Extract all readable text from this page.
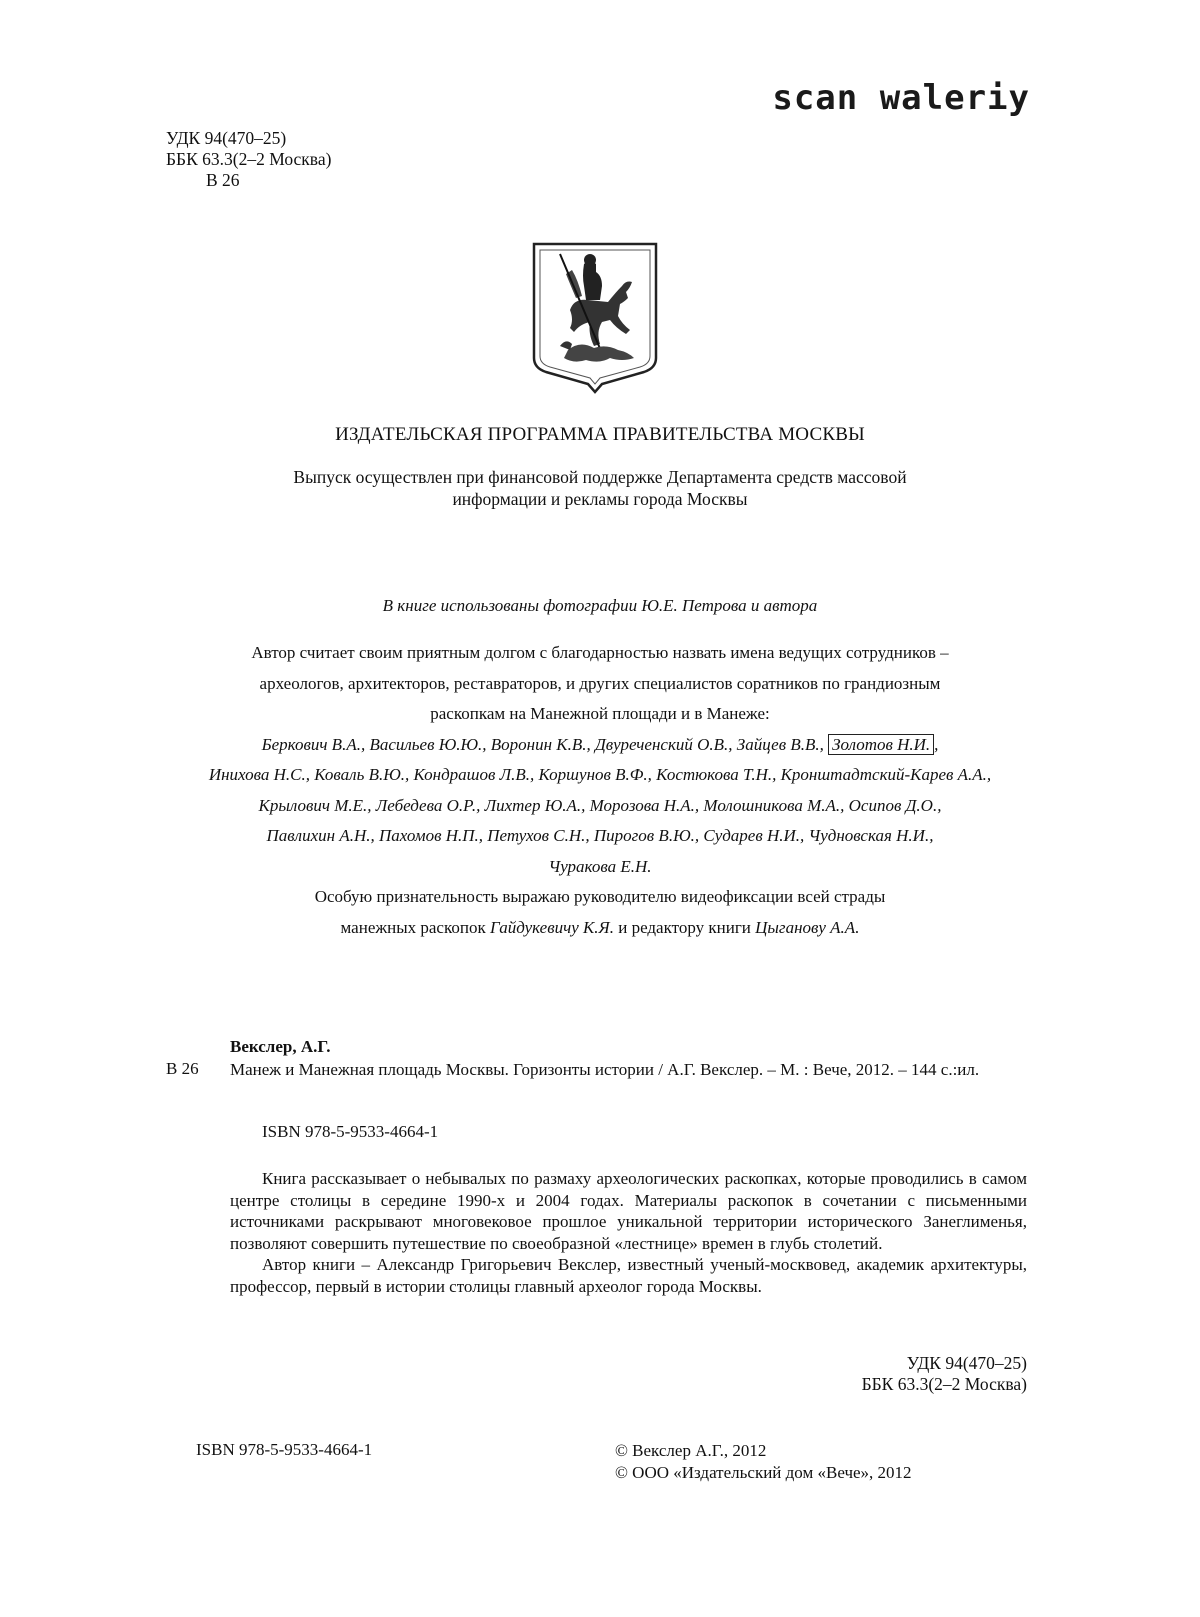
scan waleriy
УДК 94(470–25)
ББК 63.3(2–2 Москва)
В 26
ИЗДАТЕЛЬСКАЯ ПРОГРАММА ПРАВИТЕЛЬСТВА МОСКВЫ
Выпуск осуществлен при финансовой поддержке Департамента средств массовой
информации и рекламы города Москвы
В книге использованы фотографии Ю.Е. Петрова и автора
Автор считает своим приятным долгом с благодарностью назвать имена ведущих сотрудников –
археологов, архитекторов, реставраторов, и других специалистов соратников по грандиозным
раскопкам на Манежной площади и в Манеже:
Беркович В.А., Васильев Ю.Ю., Воронин К.В., Двуреченский О.В., Зайцев В.В., Золотов Н.И. ,
Инихова Н.С., Коваль В.Ю., Кондрашов Л.В., Коршунов В.Ф., Костюкова Т.Н., Кронштадтский-Карев А.А.,
Крылович М.Е., Лебедева О.Р., Лихтер Ю.А., Морозова Н.А., Молошникова М.А., Осипов Д.О.,
Павлихин А.Н., Пахомов Н.П., Петухов С.Н., Пирогов В.Ю., Сударев Н.И., Чудновская Н.И.,
Чуракова Е.Н.
Особую признательность выражаю руководителю видеофиксации всей страды
манежных раскопок Гайдукевичу К.Я. и редактору книги Цыганову А.А.
Векслер, А.Г.
В 26 Манеж и Манежная площадь Москвы. Горизонты истории / А.Г. Векслер. – М. : Вече, 2012. – 144 с.:ил.
ISBN 978-5-9533-4664-1

Книга рассказывает о небывалых по размаху археологических раскопках, которые проводились в самом центре столицы в середине 1990-х и 2004 годах. Материалы раскопок в сочетании с письменными источниками раскрывают многовековое прошлое уникальной территории исторического Занеглименья, позволяют совершить путешествие по своеобразной «лестнице» времен в глубь столетий.

Автор книги – Александр Григорьевич Векслер, известный ученый-москвовед, академик архитектуры, профессор, первый в истории столицы главный археолог города Москвы.

УДК 94(470–25)
ББК 63.3(2–2 Москва)
ISBN 978-5-9533-4664-1	© Векслер А.Г., 2012
© ООО «Издательский дом «Вече», 2012
